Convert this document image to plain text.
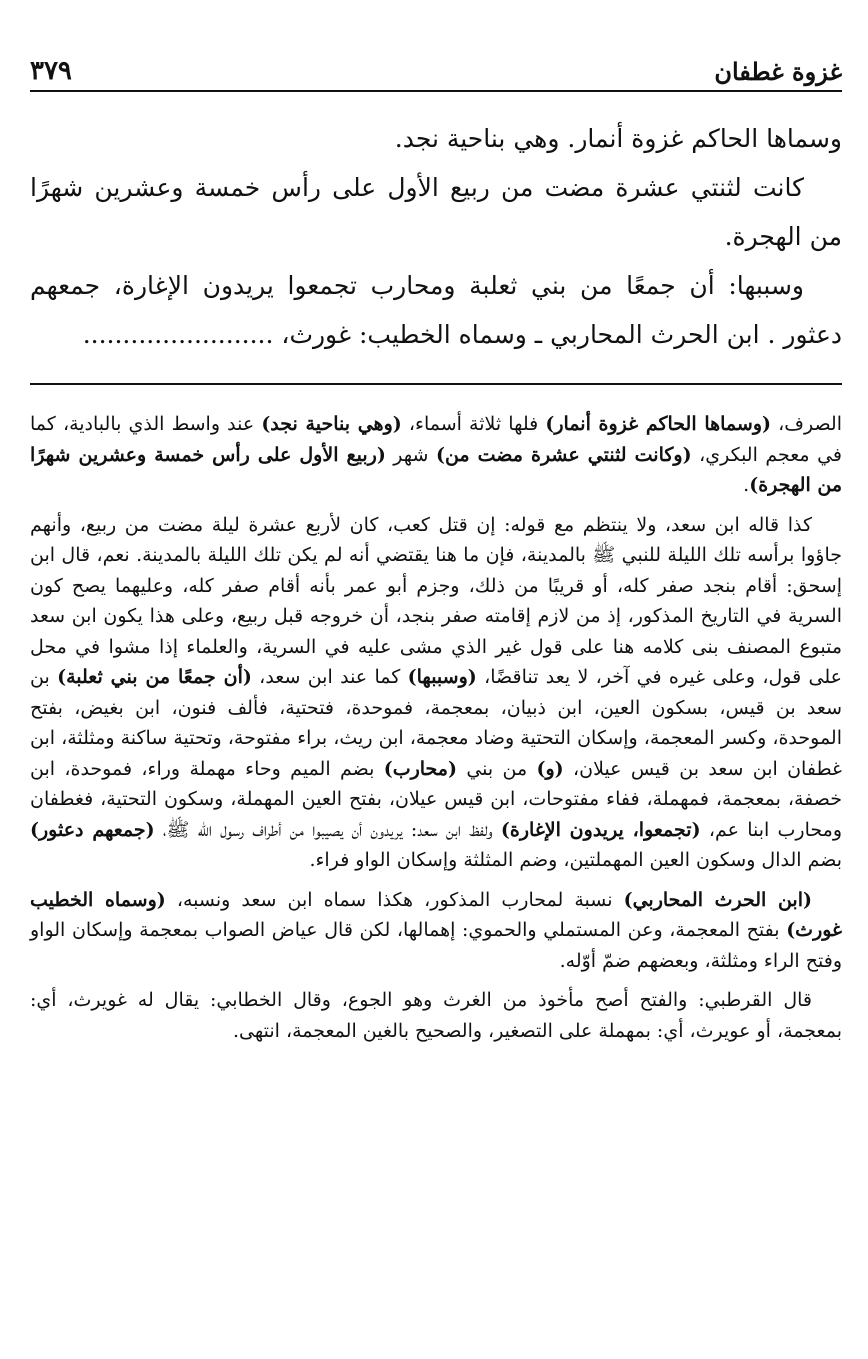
غزوة غطفان
٣٧٩

وسماها الحاكم غزوة أنمار. وهي بناحية نجد.

كانت لثنتي عشرة مضت من ربيع الأول على رأس خمسة وعشرين شهرًا من الهجرة.

وسببها: أن جمعًا من بني ثعلبة ومحارب تجمعوا يريدون الإغارة، جمعهم دعثور . ابن الحرث المحاربي ـ وسماه الخطيب: غورث، ........................

الصرف، (وسماها الحاكم غزوة أنمار) فلها ثلاثة أسماء، (وهي بناحية نجد) عند واسط الذي بالبادية، كما في معجم البكري، (وكانت لثنتي عشرة مضت من) شهر (ربيع الأول على رأس خمسة وعشرين شهرًا من الهجرة).

كذا قاله ابن سعد، ولا ينتظم مع قوله: إن قتل كعب، كان لأربع عشرة ليلة مضت من ربيع، وأنهم جاؤوا برأسه تلك الليلة للنبي ﷺ بالمدينة، فإن ما هنا يقتضي أنه لم يكن تلك الليلة بالمدينة. نعم، قال ابن إسحق: أقام بنجد صفر كله، أو قريبًا من ذلك، وجزم أبو عمر بأنه أقام صفر كله، وعليهما يصح كون السرية في التاريخ المذكور، إذ من لازم إقامته صفر بنجد، أن خروجه قبل ربيع، وعلى هذا يكون ابن سعد متبوع المصنف بنى كلامه هنا على قول غير الذي مشى عليه في السرية، والعلماء إذا مشوا في محل على قول، وعلى غيره في آخر، لا يعد تناقضًا، (وسببها) كما عند ابن سعد، (أن جمعًا من بني ثعلبة) بن سعد بن قيس، بسكون العين، ابن ذبيان، بمعجمة، فموحدة، فتحتية، فألف فنون، ابن بغيض، بفتح الموحدة، وكسر المعجمة، وإسكان التحتية وضاد معجمة، ابن ريث، براء مفتوحة، وتحتية ساكنة ومثلثة، ابن غطفان ابن سعد بن قيس عيلان، (و) من بني (محارب) بضم الميم وحاء مهملة وراء، فموحدة، ابن خصفة، بمعجمة، فمهملة، ففاء مفتوحات، ابن قيس عيلان، بفتح العين المهملة، وسكون التحتية، فغطفان ومحارب ابنا عم، (تجمعوا، يريدون الإغارة) ولفظ ابن سعد: يريدون أن يصيبوا من أطراف رسول الله ﷺ، (جمعهم دعثور) بضم الدال وسكون العين المهملتين، وضم المثلثة وإسكان الواو فراء.

(ابن الحرث المحاربي) نسبة لمحارب المذكور، هكذا سماه ابن سعد ونسبه، (وسماه الخطيب غورث) بفتح المعجمة، وعن المستملي والحموي: إهمالها، لكن قال عياض الصواب بمعجمة وإسكان الواو وفتح الراء ومثلثة، وبعضهم ضمّ أوّله.

قال القرطبي: والفتح أصح مأخوذ من الغرث وهو الجوع، وقال الخطابي: يقال له غويرث، أي: بمعجمة، أو عويرث، أي: بمهملة على التصغير، والصحيح بالغين المعجمة، انتهى.
